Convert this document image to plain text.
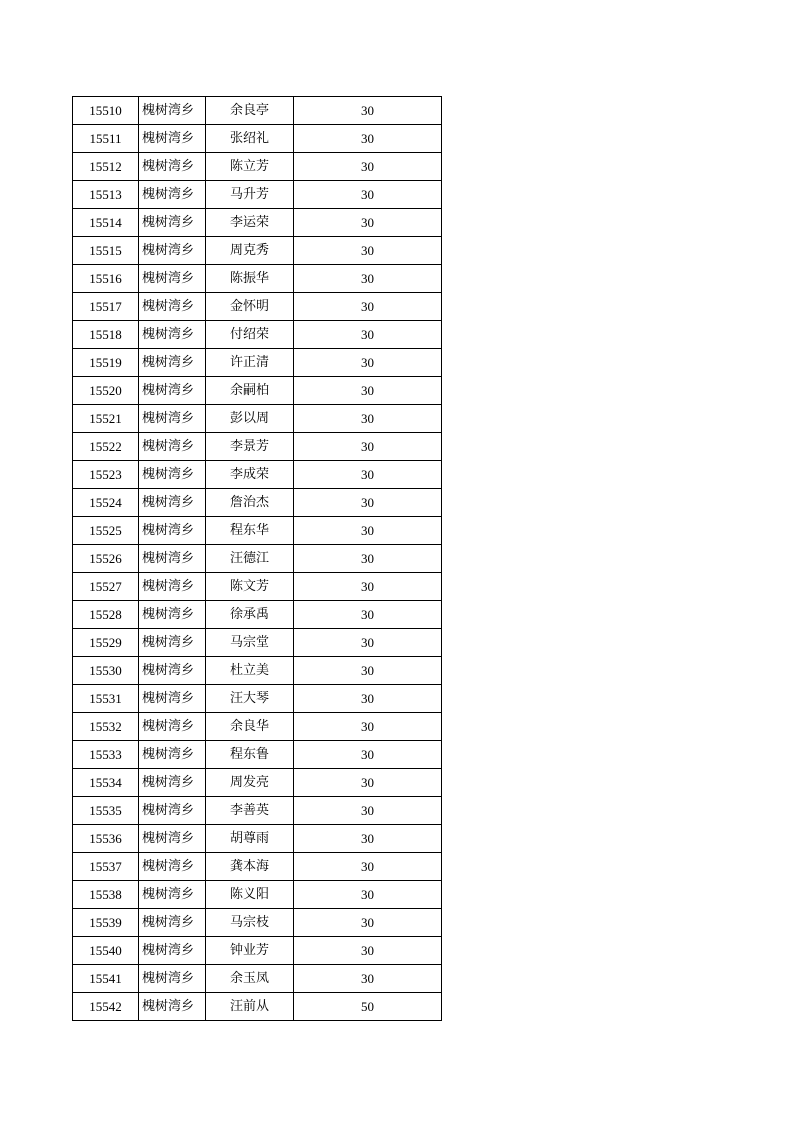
15510	槐树湾乡	余良亭	30
15511	槐树湾乡	张绍礼	30
15512	槐树湾乡	陈立芳	30
15513	槐树湾乡	马升芳	30
15514	槐树湾乡	李运荣	30
15515	槐树湾乡	周克秀	30
15516	槐树湾乡	陈振华	30
15517	槐树湾乡	金怀明	30
15518	槐树湾乡	付绍荣	30
15519	槐树湾乡	许正清	30
15520	槐树湾乡	余嗣柏	30
15521	槐树湾乡	彭以周	30
15522	槐树湾乡	李景芳	30
15523	槐树湾乡	李成荣	30
15524	槐树湾乡	詹治杰	30
15525	槐树湾乡	程东华	30
15526	槐树湾乡	汪德江	30
15527	槐树湾乡	陈文芳	30
15528	槐树湾乡	徐承禹	30
15529	槐树湾乡	马宗堂	30
15530	槐树湾乡	杜立美	30
15531	槐树湾乡	汪大琴	30
15532	槐树湾乡	余良华	30
15533	槐树湾乡	程东鲁	30
15534	槐树湾乡	周发亮	30
15535	槐树湾乡	李善英	30
15536	槐树湾乡	胡尊雨	30
15537	槐树湾乡	龚本海	30
15538	槐树湾乡	陈义阳	30
15539	槐树湾乡	马宗枝	30
15540	槐树湾乡	钟业芳	30
15541	槐树湾乡	余玉凤	30
15542	槐树湾乡	汪前从	50
